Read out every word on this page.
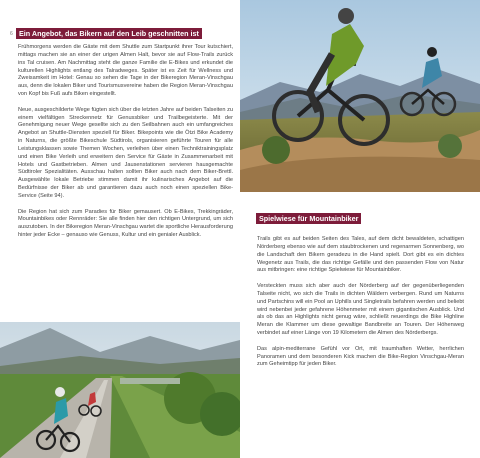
6 Ein Angebot, das Bikern auf den Leib geschnitten ist

Frühmorgens werden die Gäste mit dem Shuttle zum Startpunkt ihrer Tour kutschiert, mittags machen sie an einer der urigen Almen Halt, bevor sie auf Flow-Trails zurück ins Tal cruisen. Am Nachmittag steht die ganze Familie die E-Bikes und erkundet die kulturellen Highlights entlang des Talradweges. Später ist es Zeit für Wellness und Zweisamkeit im Hotel: Genau so sehen die Tage in der Bikeregion Meran-Vinschgau aus, denn die lokalen Biker und Tourismusvereine haben die Region Meran-Vinschgau von Kopf bis Fuß aufs Biken eingestellt.

Neue, ausgeschilderte Wege fügten sich über die letzten Jahre auf beiden Talseiten zu einem vielfältigen Streckennetz für Genussbiker und Trailbegeisterte. Mit der Genehmigung neuer Wege gesellte sich zu den Seilbahnen auch ein umfangreiches Angebot an Shuttle-Diensten speziell für Biker. Bikepoints wie die Ötzi Bike Academy in Naturns, die größte Bikeschule Südtirols, organisieren geführte Touren für alle Leistungsklassen sowie Themen Wochen, verleihen über einen Techniktrainingsplatz und einen Bike Verleih und erweitern den Service für Gäste in Zusammenarbeit mit Hotels und Gastbetrieben. Almen und Jausenstationen servieren hausgemachte Südtiroler Spezialitäten. Ausschau halten sollten Biker auch nach dem Biker-Brettl. Ausgewählte lokale Betriebe stimmen damit ihr kulinarisches Angebot auf die Bedürfnisse der Biker ab und garantieren dazu auch noch einen speziellen Bike-Service (Seite 94).

Die Region hat sich zum Paradies für Biker gemausert. Ob E-Bikes, Trekkingräder, Mountainbikes oder Rennräder: Sie alle finden hier den richtigen Untergrund, um sich auszutoben. In der Bikeregion Meran-Vinschgau wartet die sportliche Herausforderung hinter jeder Ecke – genauso wie Genuss, Kultur und ein genialer Ausblick.

Spielwiese für Mountainbiker

Trails gibt es auf beiden Seiten des Tales, auf dem dicht bewaldeten, schattigen Nörderberg ebenso wie auf dem staubtrockenen und regenarmen Sonnenberg, wo die Landschaft den Bikern geradezu in die Hand spielt. Dort gibt es ein dichtes Wegenetz aus Trails, die das richtige Gefälle und den passenden Flow von Natur aus mitbringen: eine richtige Spielwiese für Mountainbiker.

Versteckten muss sich aber auch der Nörderberg auf der gegenüberliegenden Talseite nicht, wo sich die Trails in dichten Wäldern verbergen. Rund um Naturns und Partschins will ein Pool an Uphills und Singletrails befahren werden und beliebt wird nebenbei jeder gefahrene Höhenmeter mit einem gigantischen Ausblick. Und als ob das an Highlights nicht genug wäre, schließt neuerdings die Bike Highline Meran die Klammer um diese gewaltige Bandbreite an Touren. Der Höhenweg verbindet auf einer Länge von 19 Kilometern die Almen des Nörderbergs.

Das alpin-mediterrane Gefühl vor Ort, mit traumhaften Wetter, herrlichen Panoramen und dem besonderen Kick machen die Bike-Region Vinschgau-Meran zum Geheimtipp für jeden Biker.
